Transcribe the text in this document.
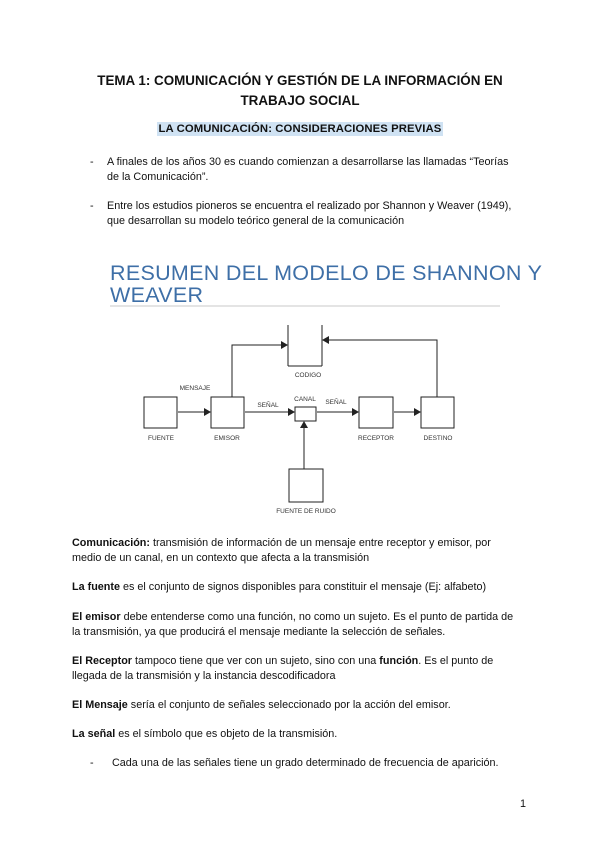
TEMA 1: COMUNICACIÓN Y GESTIÓN DE LA INFORMACIÓN EN
TRABAJO SOCIAL
LA COMUNICACIÓN: CONSIDERACIONES PREVIAS
- A finales de los años 30 es cuando comienzan a desarrollarse las llamadas “Teorías
de la Comunicación”.
- Entre los estudios pioneros se encuentra el realizado por Shannon y Weaver (1949),
que desarrollan su modelo teórico general de la comunicación
RESUMEN DEL MODELO DE SHANNON Y
WEAVER
CODIGO
MENSAJE
SEÑAL
CANAL SEÑAL
FUENTE	EMISOR	RECEPTOR	DESTINO
FUENTE DE RUIDO
Comunicación: transmisión de información de un mensaje entre receptor y emisor, por
medio de un canal, en un contexto que afecta a la transmisión
La fuente es el conjunto de signos disponibles para constituir el mensaje (Ej: alfabeto)
El emisor debe entenderse como una función, no como un sujeto. Es el punto de partida de
la transmisión, ya que producirá el mensaje mediante la selección de señales.
El Receptor tampoco tiene que ver con un sujeto, sino con una función. Es el punto de
llegada de la transmisión y la instancia descodificadora
El Mensaje sería el conjunto de señales seleccionado por la acción del emisor.
La señal es el símbolo que es objeto de la transmisión.
- Cada una de las señales tiene un grado determinado de frecuencia de aparición.
1
